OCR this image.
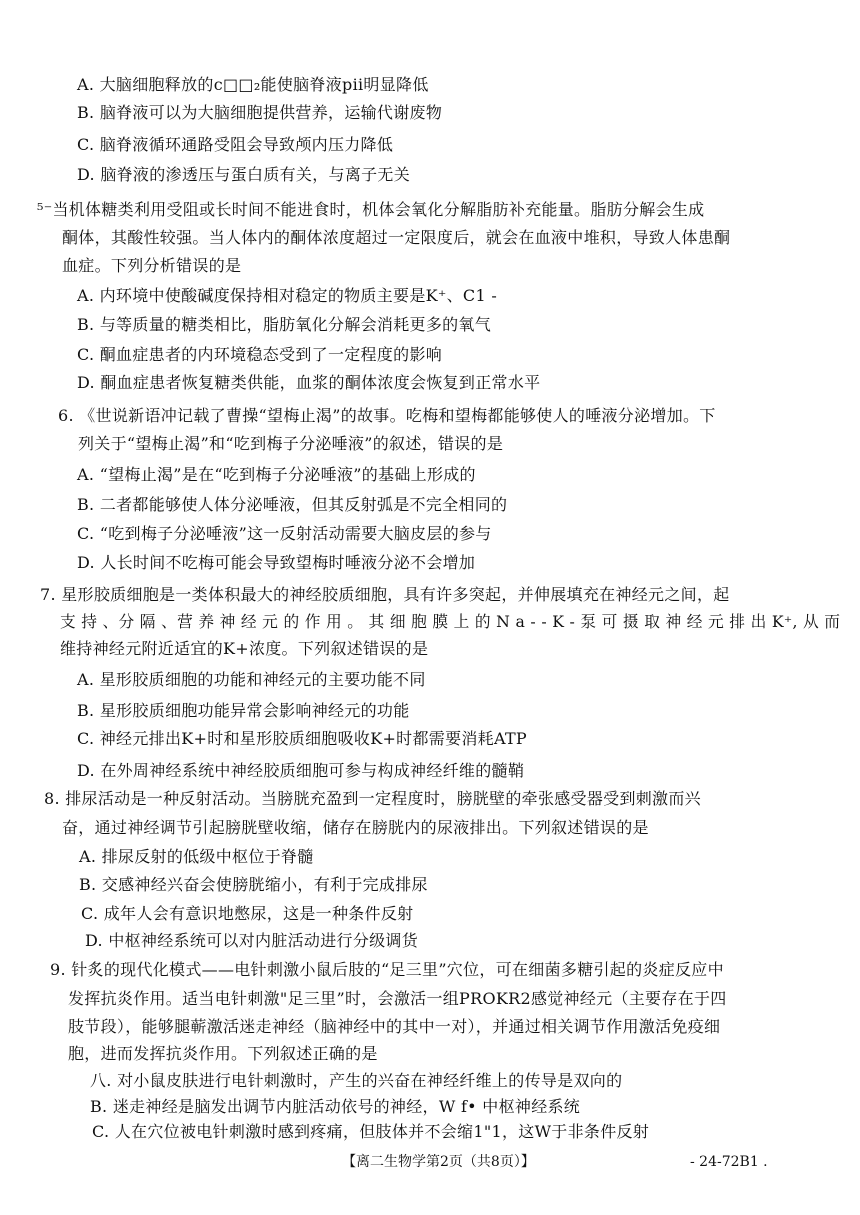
A. 大脑细胞释放的c□□₂能使脑脊液pii明显降低
B. 脑脊液可以为大脑细胞提供营养，运输代谢废物
C. 脑脊液循环通路受阻会导致颅内压力降低
D. 脑脊液的渗透压与蛋白质有关，与离子无关
⁵⁻当机体糖类利用受阻或长时间不能进食时，机体会氧化分解脂肪补充能量。脂肪分解会生成
酮体，其酸性较强。当人体内的酮体浓度超过一定限度后，就会在血液中堆积，导致人体患酮
血症。下列分析错误的是
A. 内环境中使酸碱度保持相对稳定的物质主要是K⁺、C1 -
B. 与等质量的糖类相比，脂肪氧化分解会消耗更多的氧气
C. 酮血症患者的内环境稳态受到了一定程度的影响
D. 酮血症患者恢复糖类供能，血浆的酮体浓度会恢复到正常水平
6. 《世说新语冲记载了曹操“望梅止渴”的故事。吃梅和望梅都能够使人的唾液分泌增加。下
列关于“望梅止渴”和“吃到梅子分泌唾液”的叙述，错误的是
A. “望梅止渴”是在“吃到梅子分泌唾液”的基础上形成的
B. 二者都能够使人体分泌唾液，但其反射弧是不完全相同的
C. “吃到梅子分泌唾液”这一反射活动需要大脑皮层的参与
D. 人长时间不吃梅可能会导致望梅时唾液分泌不会增加
7. 星形胶质细胞是一类体积最大的神经胶质细胞，具有许多突起，并伸展填充在神经元之间，起
支 持 、分 隔 、营 养 神 经 元 的 作 用 。 其 细 胞 膜 上 的 N a - - K - 泵 可 摄 取 神 经 元 排 出 K⁺, 从 而
维持神经元附近适宜的K+浓度。下列叙述错误的是
A. 星形胶质细胞的功能和神经元的主要功能不同
B. 星形胶质细胞功能异常会影响神经元的功能
C. 神经元排出K+时和星形胶质细胞吸收K+时都需要消耗ATP
D. 在外周神经系统中神经胶质细胞可参与构成神经纤维的髓鞘
8. 排尿活动是一种反射活动。当膀胱充盈到一定程度时，膀胱壁的牵张感受器受到刺激而兴
奋，通过神经调节引起膀胱壁收缩，储存在膀胱内的尿液排出。下列叙述错误的是
A. 排尿反射的低级中枢位于脊髓
B. 交感神经兴奋会使膀胱缩小，有利于完成排尿
C. 成年人会有意识地憋尿，这是一种条件反射
D. 中枢神经系统可以对内脏活动进行分级调货
9. 针炙的现代化模式——电针刺激小鼠后肢的“足三里”穴位，可在细菌多糖引起的炎症反应中
发挥抗炎作用。适当电针刺激"足三里”时，会激活一组PROKR2感觉神经元（主要存在于四
肢节段），能够腿蕲激活迷走神经（脑神经中的其中一对），并通过相关调节作用激活免疫细
胞，进而发挥抗炎作用。下列叙述正确的是
八. 对小鼠皮肤进行电针刺激时，产生的兴奋在神经纤维上的传导是双向的
B. 迷走神经是脑发出调节内脏活动依号的神经，W f• 中枢神经系统
C. 人在穴位被电针刺激时感到疼痛，但肢体并不会缩1"1，这W于非条件反射
【离二生物学第2页（共8页）】	- 24-72B1 .
